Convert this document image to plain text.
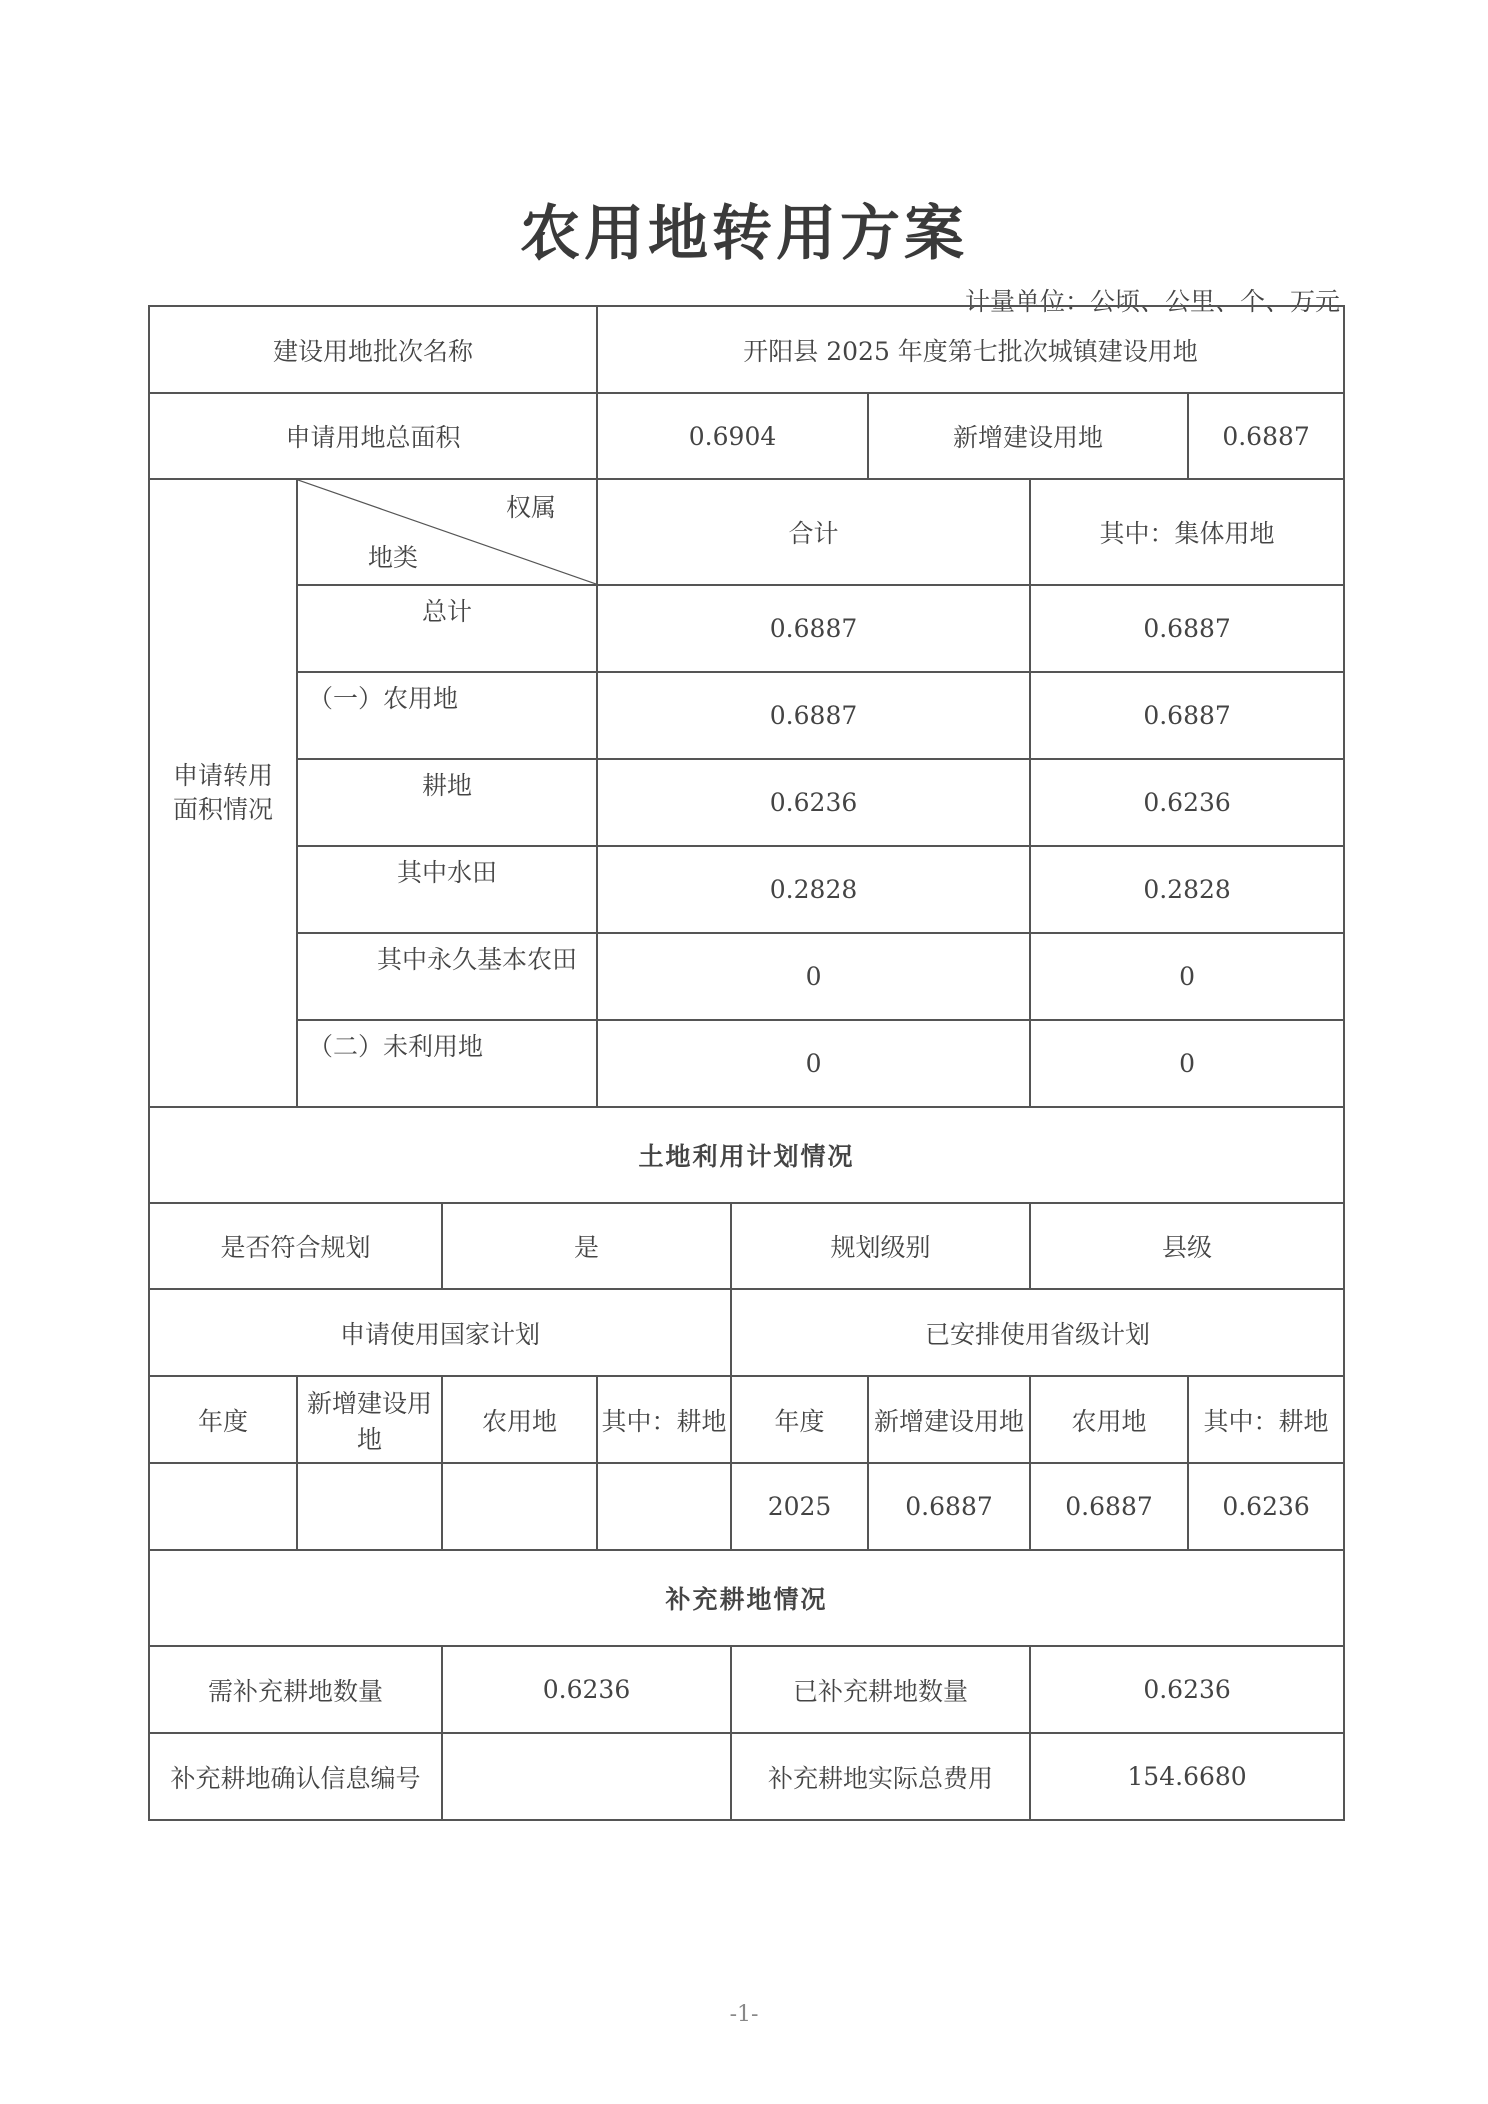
农用地转用方案
计量单位：公顷、公里、个、万元
建设用地批次名称			开阳县 2025 年度第七批次城镇建设用地				
申请用地总面积			0.6904		新增建设用地		0.6887
申请转用面积情况	权属
地类		合计			其中：集体用地	

	总计		0.6887			0.6887	

	（一）农用地		0.6887			0.6887	

	耕地		0.6236			0.6236	

	其中水田		0.2828			0.2828	

	其中永久基本农田		0			0	

	（二）未利用地		0			0	
土地利用计划情况							
是否符合规划		是		规划级别		县级	
申请使用国家计划				已安排使用省级计划			
年度	新增建设用地	农用地	其中：耕地	年度	新增建设用地	农用地	其中：耕地
				2025	0.6887	0.6887	0.6236
补充耕地情况							
需补充耕地数量		0.6236		已补充耕地数量		0.6236	
补充耕地确认信息编号				补充耕地实际总费用		154.6680	
-1-
